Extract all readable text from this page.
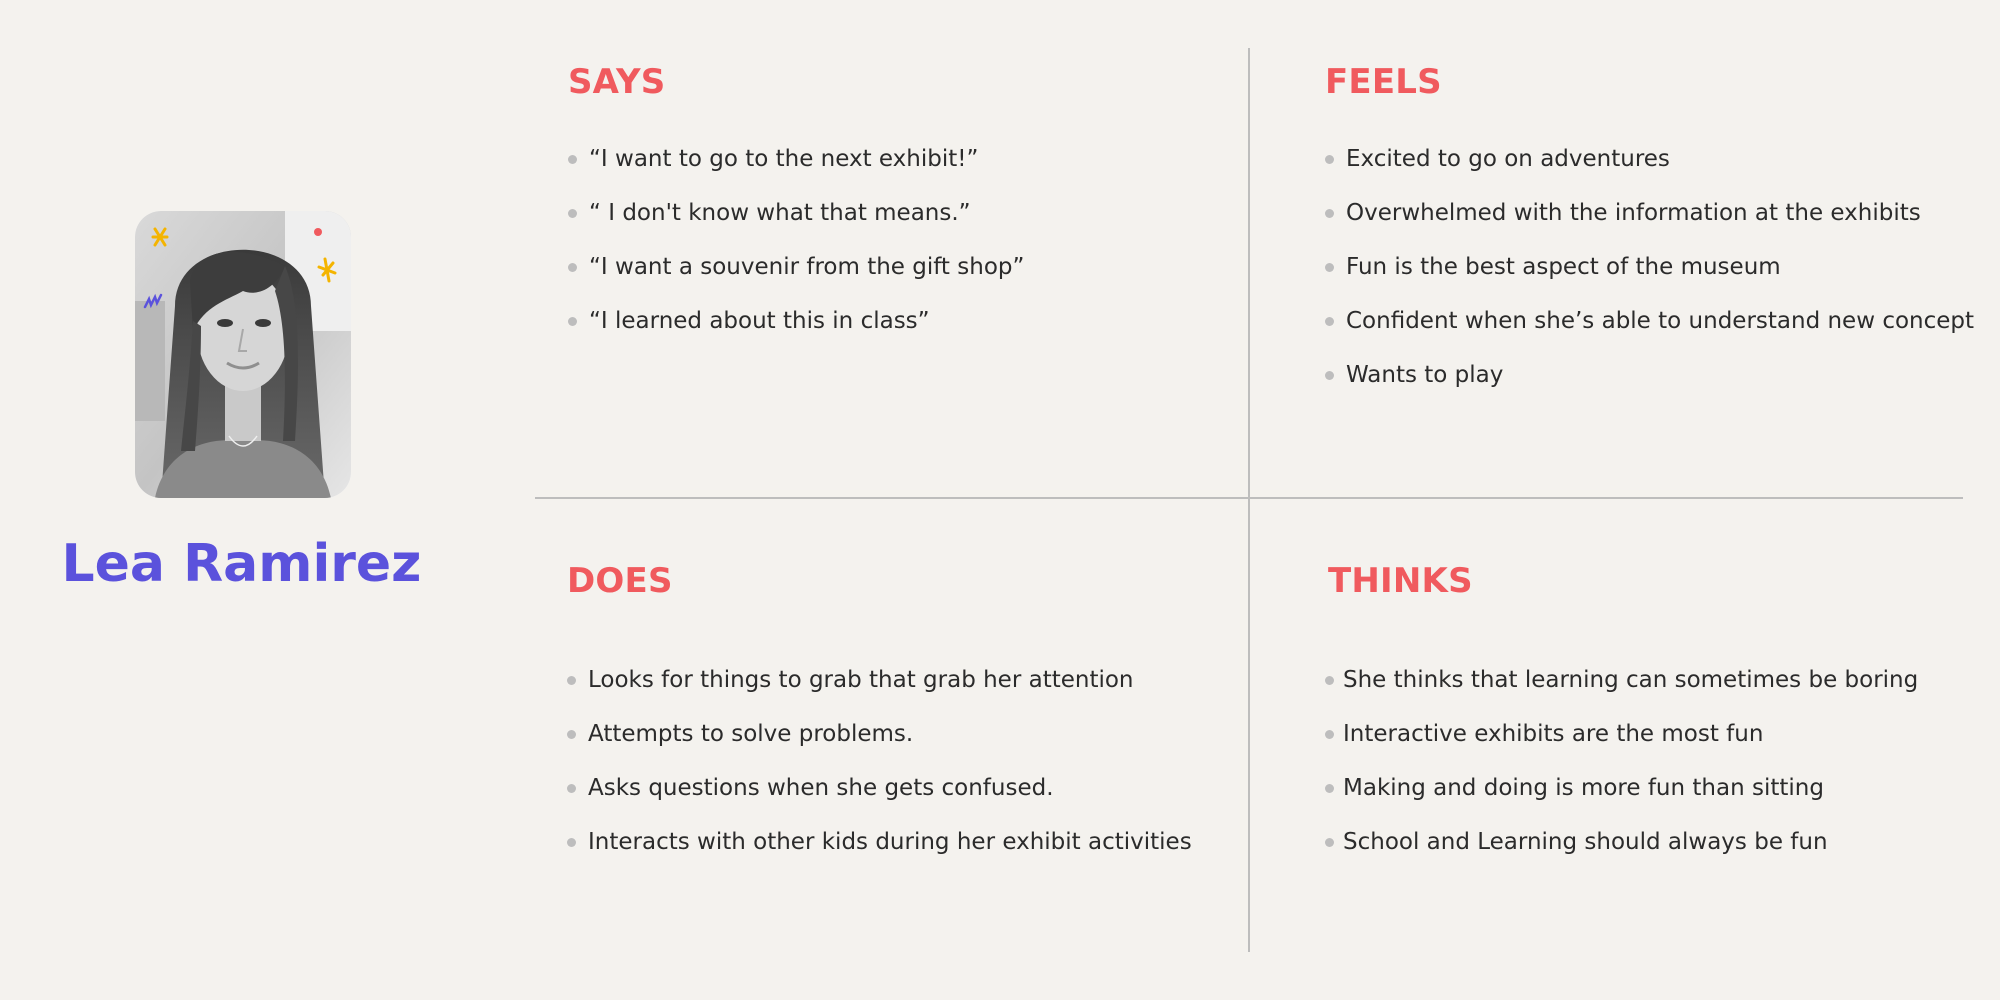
Lea Ramirez
SAYS
“I want to go to the next exhibit!”
“ I don't know what that means.”
“I want a souvenir from the gift shop”
“I learned about this in class”
FEELS
Excited to go on adventures
Overwhelmed with the information at the exhibits
Fun is the best aspect of the museum
Confident when she’s able to understand new concept
Wants to play
DOES
Looks for things to grab that grab her attention
Attempts to solve problems.
Asks questions when she gets confused.
Interacts with other kids during her exhibit activities
THINKS
She thinks that learning can sometimes be boring
Interactive exhibits are the most fun
Making and doing is more fun than sitting
School and Learning should always be fun
